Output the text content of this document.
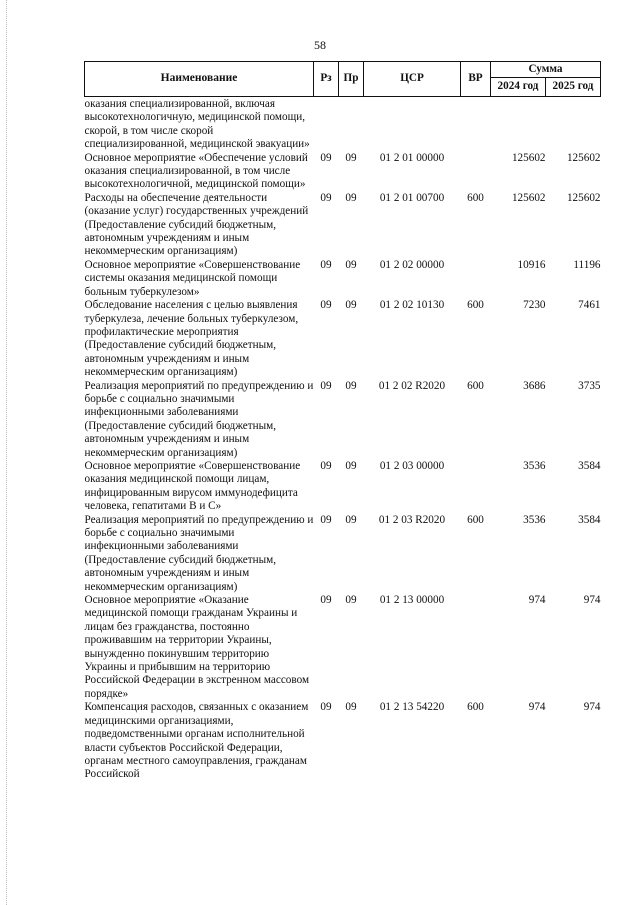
58
Наименование	Рз	Пр	ЦСР	ВР	Сумма	
					2024 год	2025 год
оказания специализированной, включая высокотехнологичную, медицинской помощи, скорой, в том числе скорой специализированной, медицинской эвакуации»						
Основное мероприятие «Обеспечение условий оказания специализированной, в том числе высокотехнологичной, медицинской помощи»	09	09	01 2 01 00000		125602	125602
Расходы на обеспечение деятельности (оказание услуг) государственных учреждений (Предоставление субсидий бюджетным, автономным учреждениям и иным некоммерческим организациям)	09	09	01 2 01 00700	600	125602	125602
Основное мероприятие «Совершенствование системы оказания медицинской помощи больным туберкулезом»	09	09	01 2 02 00000		10916	11196
Обследование населения с целью выявления туберкулеза, лечение больных туберкулезом, профилактические мероприятия (Предоставление субсидий бюджетным, автономным учреждениям и иным некоммерческим организациям)	09	09	01 2 02 10130	600	7230	7461
Реализация мероприятий по предупреждению и борьбе с социально значимыми инфекционными заболеваниями (Предоставление субсидий бюджетным, автономным учреждениям и иным некоммерческим организациям)	09	09	01 2 02 R2020	600	3686	3735
Основное мероприятие «Совершенствование оказания медицинской помощи лицам, инфицированным вирусом иммунодефицита человека, гепатитами В и С»	09	09	01 2 03 00000		3536	3584
Реализация мероприятий по предупреждению и борьбе с социально значимыми инфекционными заболеваниями (Предоставление субсидий бюджетным, автономным учреждениям и иным некоммерческим организациям)	09	09	01 2 03 R2020	600	3536	3584
Основное мероприятие «Оказание медицинской помощи гражданам Украины и лицам без гражданства, постоянно проживавшим на территории Украины, вынужденно покинувшим территорию Украины и прибывшим на территорию Российской Федерации в экстренном массовом порядке»	09	09	01 2 13 00000		974	974
Компенсация расходов, связанных с оказанием медицинскими организациями, подведомственными органам исполнительной власти субъектов Российской Федерации, органам местного самоуправления, гражданам Российской	09	09	01 2 13 54220	600	974	974
